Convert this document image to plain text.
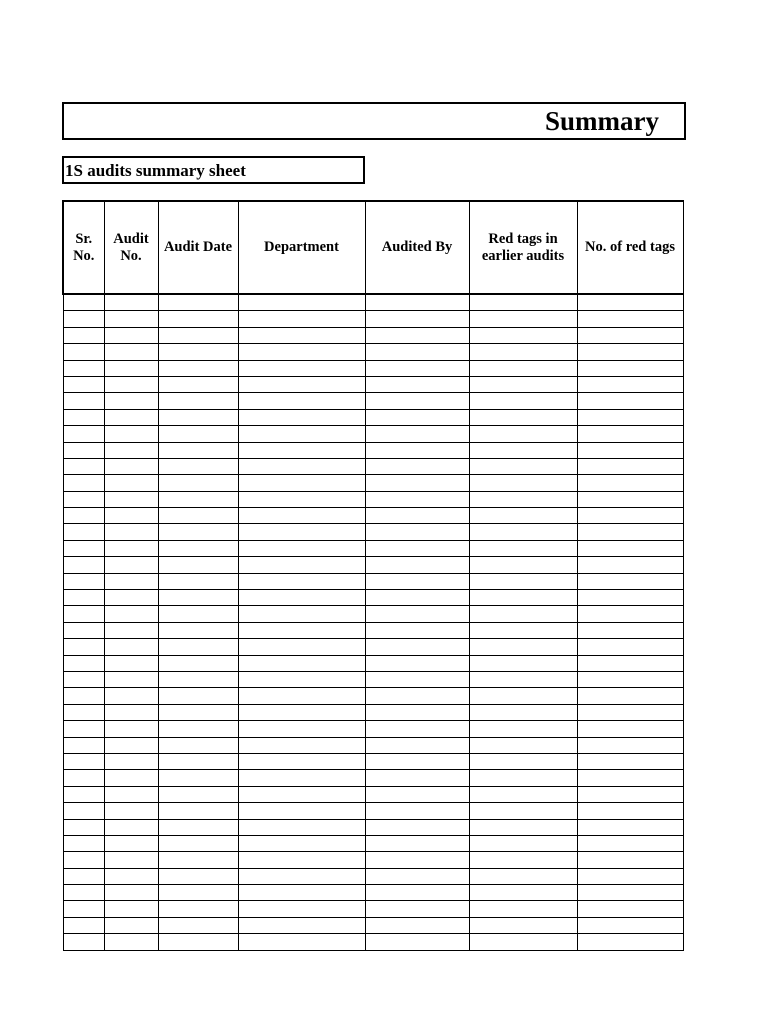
Summary
1S audits summary sheet
Sr. No.	Audit No.	Audit Date	Department	Audited By	Red tags in earlier audits	No. of red tags
